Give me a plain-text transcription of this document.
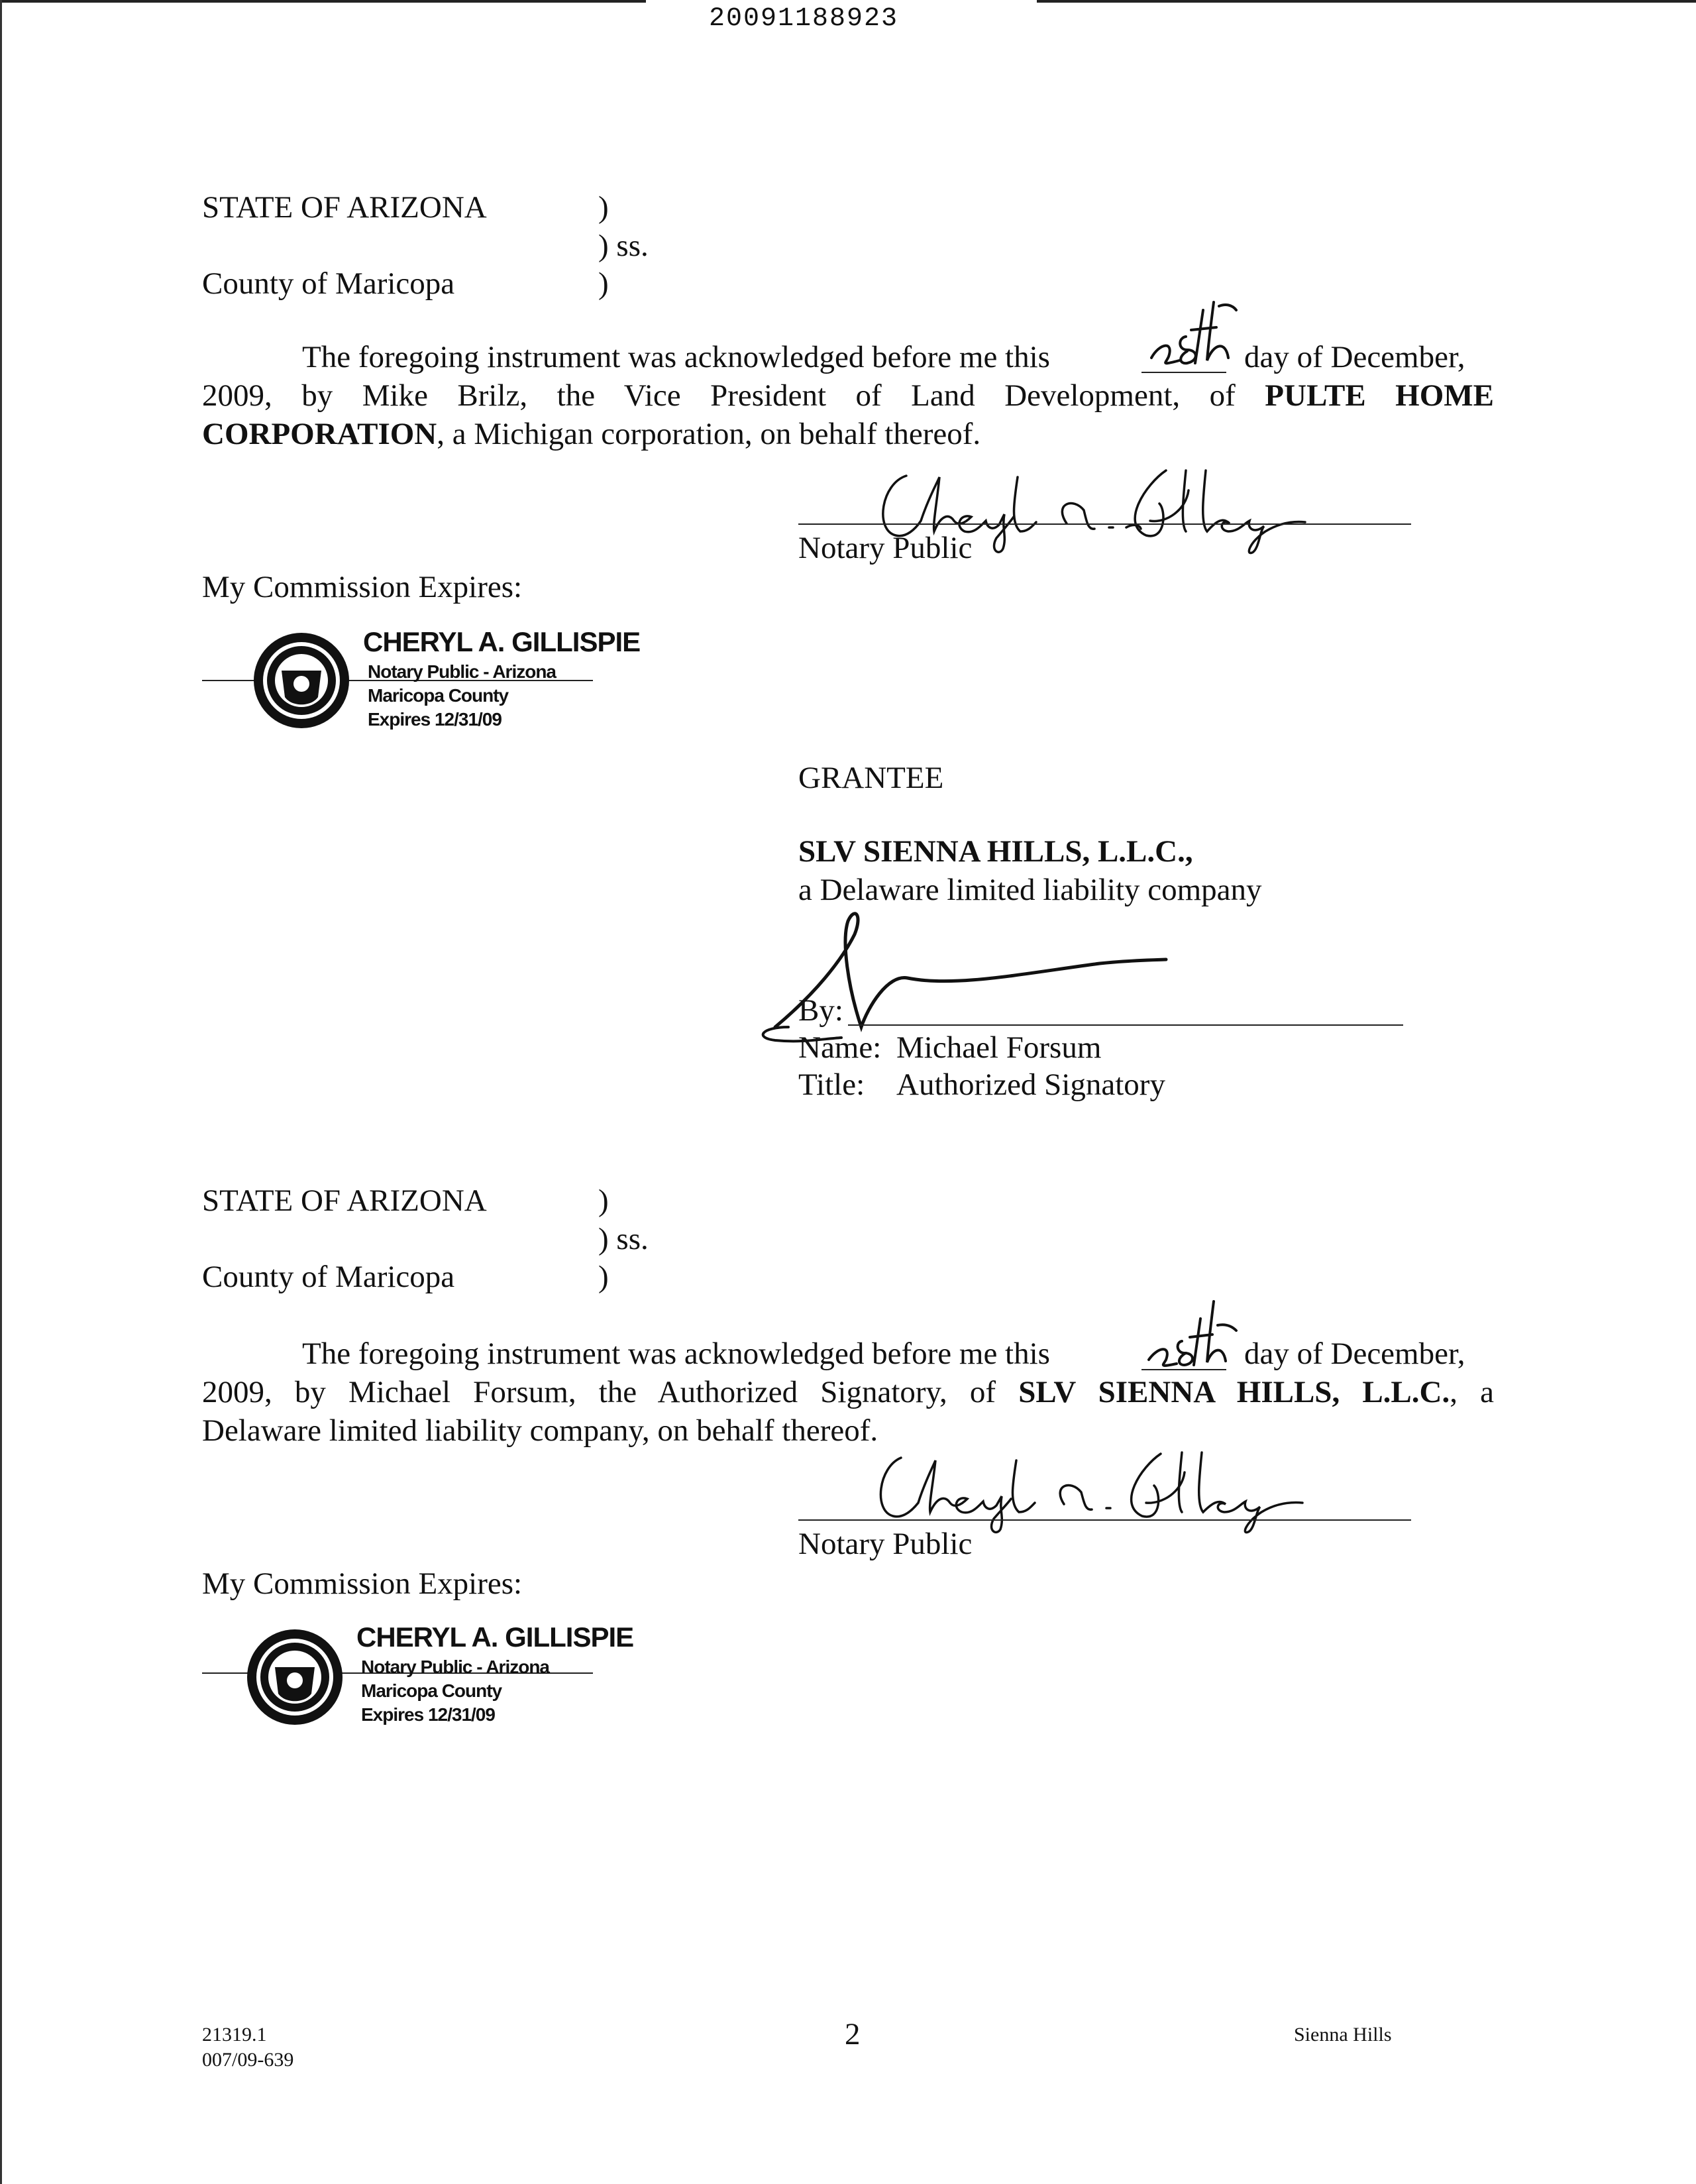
20091188923
STATE OF ARIZONA	)
) ss.
County of Maricopa	)
The foregoing instrument was acknowledged before me this	day of December,
2009, by Mike Brilz, the Vice President of Land Development, of PULTE HOME
CORPORATION, a Michigan corporation, on behalf thereof.
Notary Public
My Commission Expires:
CHERYL A. GILLISPIE
Notary Public - Arizona
Maricopa County
Expires 12/31/09
GRANTEE
SLV SIENNA HILLS, L.L.C.,
a Delaware limited liability company
By:
Name: Michael Forsum
Title: Authorized Signatory
STATE OF ARIZONA	)
) ss.
County of Maricopa	)
The foregoing instrument was acknowledged before me this	day of December,
2009, by Michael Forsum, the Authorized Signatory, of SLV SIENNA HILLS, L.L.C., a
Delaware limited liability company, on behalf thereof.
Notary Public
My Commission Expires:
CHERYL A. GILLISPIE
Notary Public - Arizona
Maricopa County
Expires 12/31/09
21319.1
007/09-639
2	Sienna Hills
